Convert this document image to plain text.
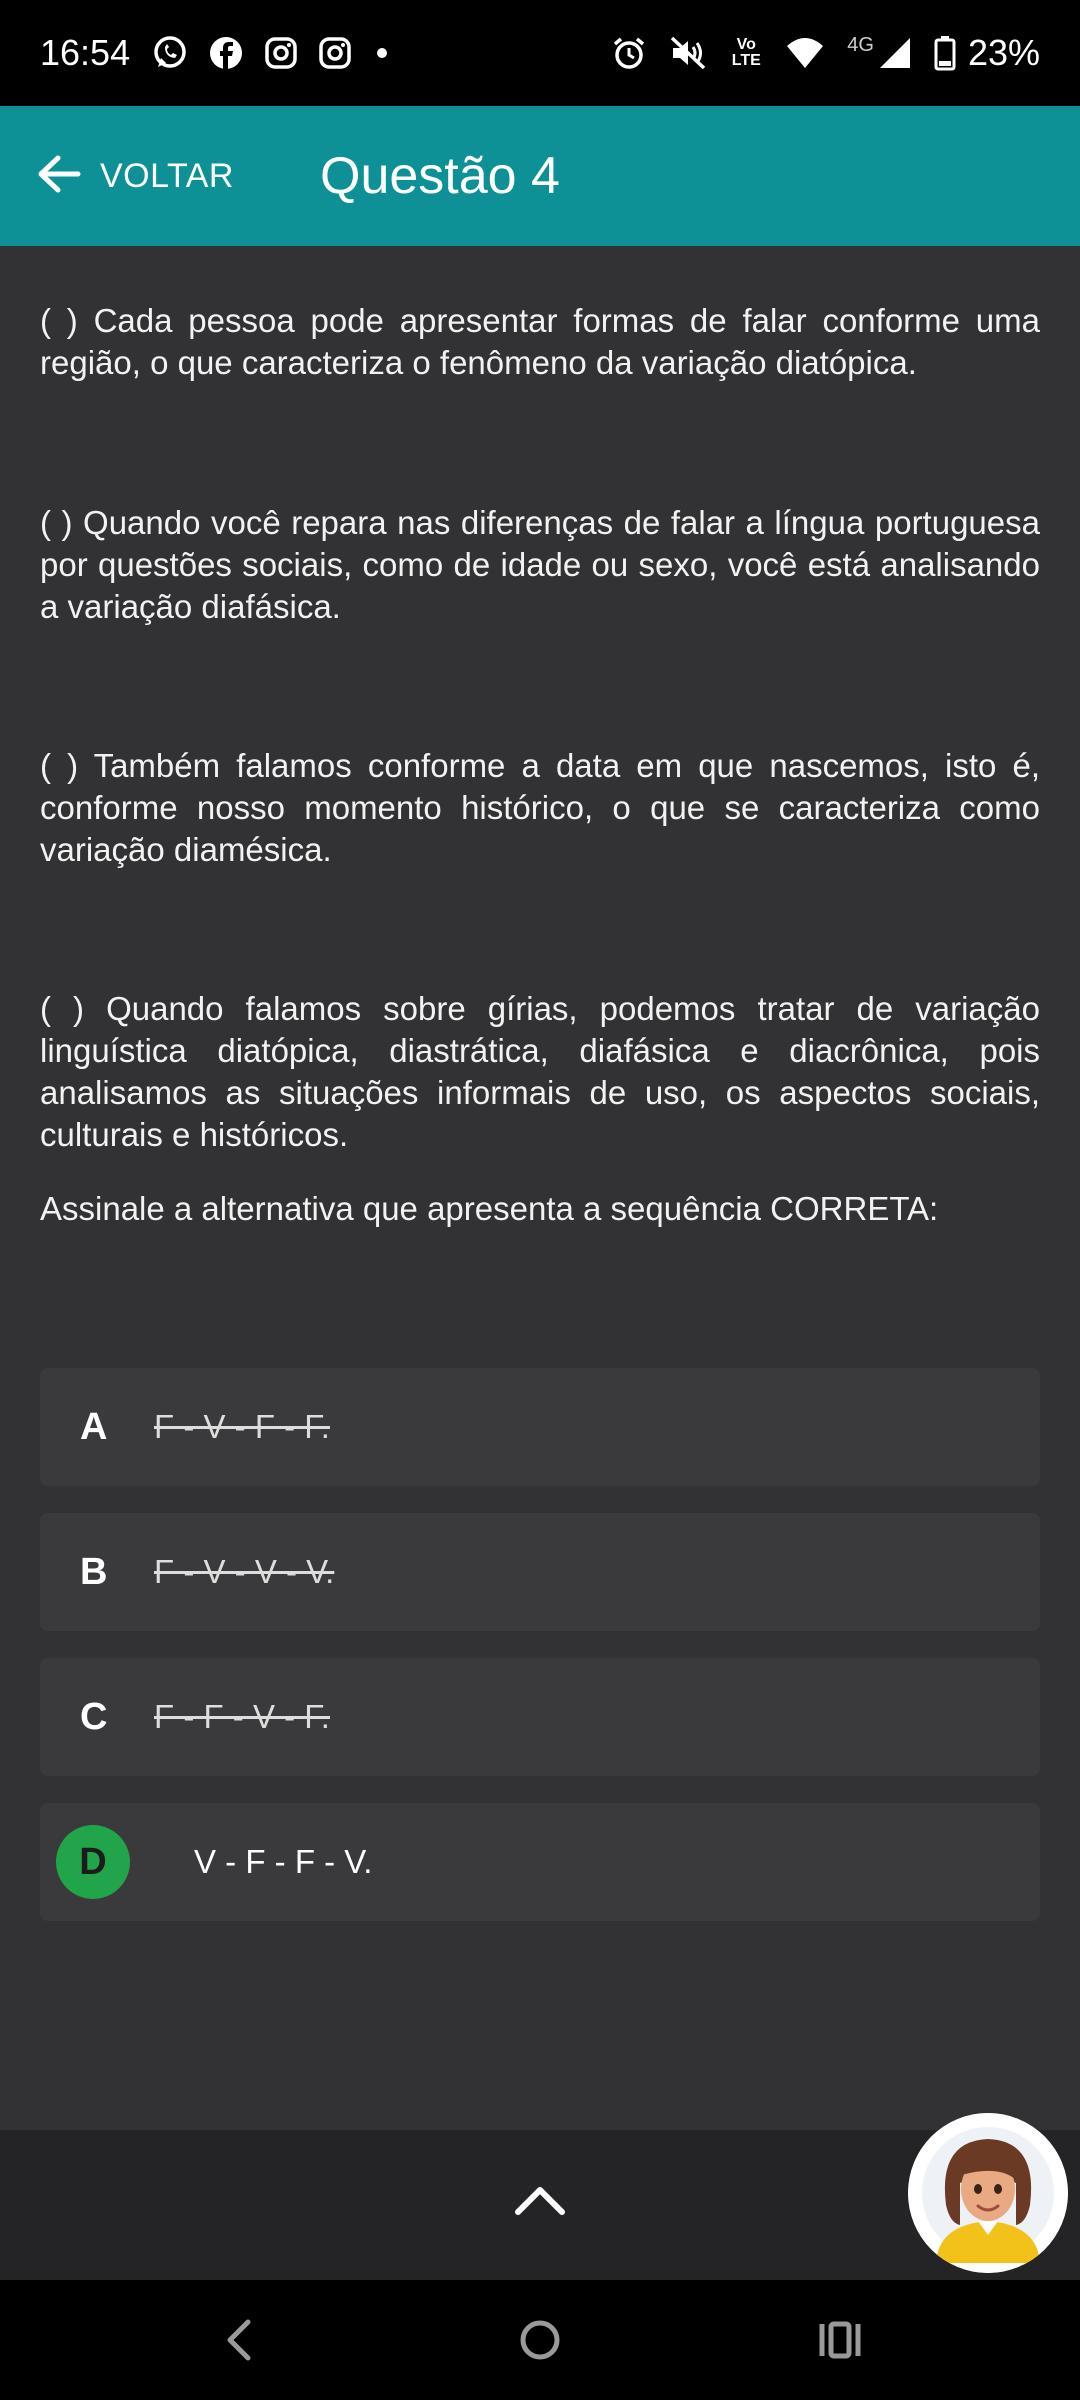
16:54	Vo LTE
4G	23%
VOLTAR Questão 4

( ) Cada pessoa pode apresentar formas de falar conforme uma região, o que caracteriza o fenômeno da variação diatópica.

( ) Quando você repara nas diferenças de falar a língua portuguesa por questões sociais, como de idade ou sexo, você está analisando a variação diafásica.

( ) Também falamos conforme a data em que nascemos, isto é, conforme nosso momento histórico, o que se caracteriza como variação diamésica.

( ) Quando falamos sobre gírias, podemos tratar de variação linguística diatópica, diastrática, diafásica e diacrônica, pois analisamos as situações informais de uso, os aspectos sociais, culturais e históricos.

Assinale a alternativa que apresenta a sequência CORRETA:
A	F - V - F - F.
B	F - V - V - V.
C	F - F - V - F.
D	V - F - F - V.
